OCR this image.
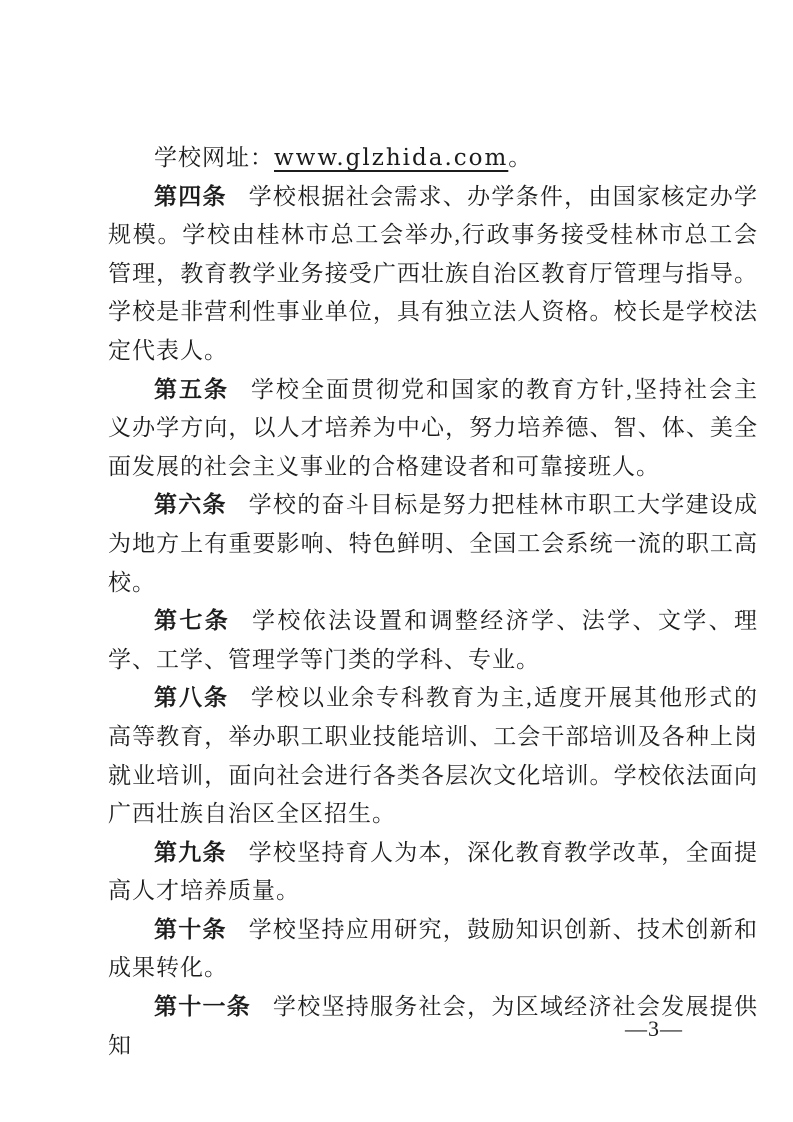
学校网址：www.glzhida.com。

第四条 学校根据社会需求、办学条件，由国家核定办学规模。学校由桂林市总工会举办,行政事务接受桂林市总工会管理，教育教学业务接受广西壮族自治区教育厅管理与指导。学校是非营利性事业单位，具有独立法人资格。校长是学校法定代表人。

第五条 学校全面贯彻党和国家的教育方针,坚持社会主义办学方向，以人才培养为中心，努力培养德、智、体、美全面发展的社会主义事业的合格建设者和可靠接班人。

第六条 学校的奋斗目标是努力把桂林市职工大学建设成为地方上有重要影响、特色鲜明、全国工会系统一流的职工高校。

第七条 学校依法设置和调整经济学、法学、文学、理学、工学、管理学等门类的学科、专业。

第八条 学校以业余专科教育为主,适度开展其他形式的高等教育，举办职工职业技能培训、工会干部培训及各种上岗就业培训，面向社会进行各类各层次文化培训。学校依法面向广西壮族自治区全区招生。

第九条 学校坚持育人为本，深化教育教学改革，全面提高人才培养质量。

第十条 学校坚持应用研究，鼓励知识创新、技术创新和成果转化。

第十一条 学校坚持服务社会，为区域经济社会发展提供知

—3—
